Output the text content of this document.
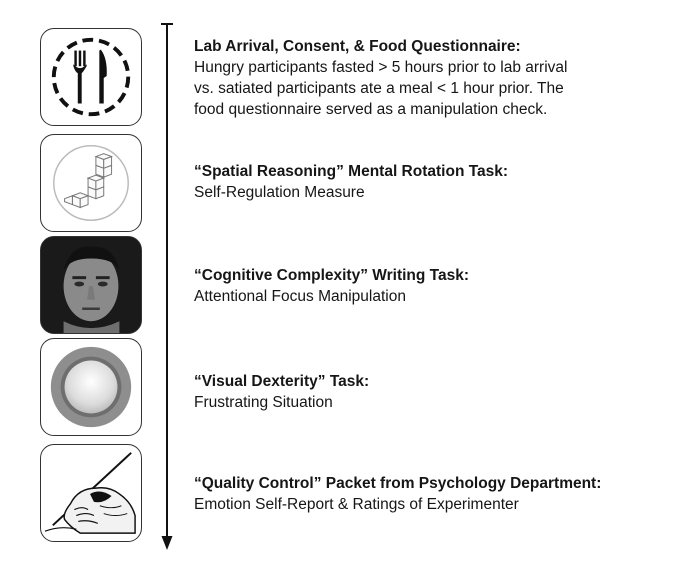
Lab Arrival, Consent, & Food Questionnaire:
Hungry participants fasted > 5 hours prior to lab arrival
vs. satiated participants ate a meal < 1 hour prior. The
food questionnaire served as a manipulation check.
“Spatial Reasoning” Mental Rotation Task:
Self-Regulation Measure
“Cognitive Complexity” Writing Task:
Attentional Focus Manipulation
“Visual Dexterity” Task:
Frustrating Situation
“Quality Control” Packet from Psychology Department:
Emotion Self-Report & Ratings of Experimenter
